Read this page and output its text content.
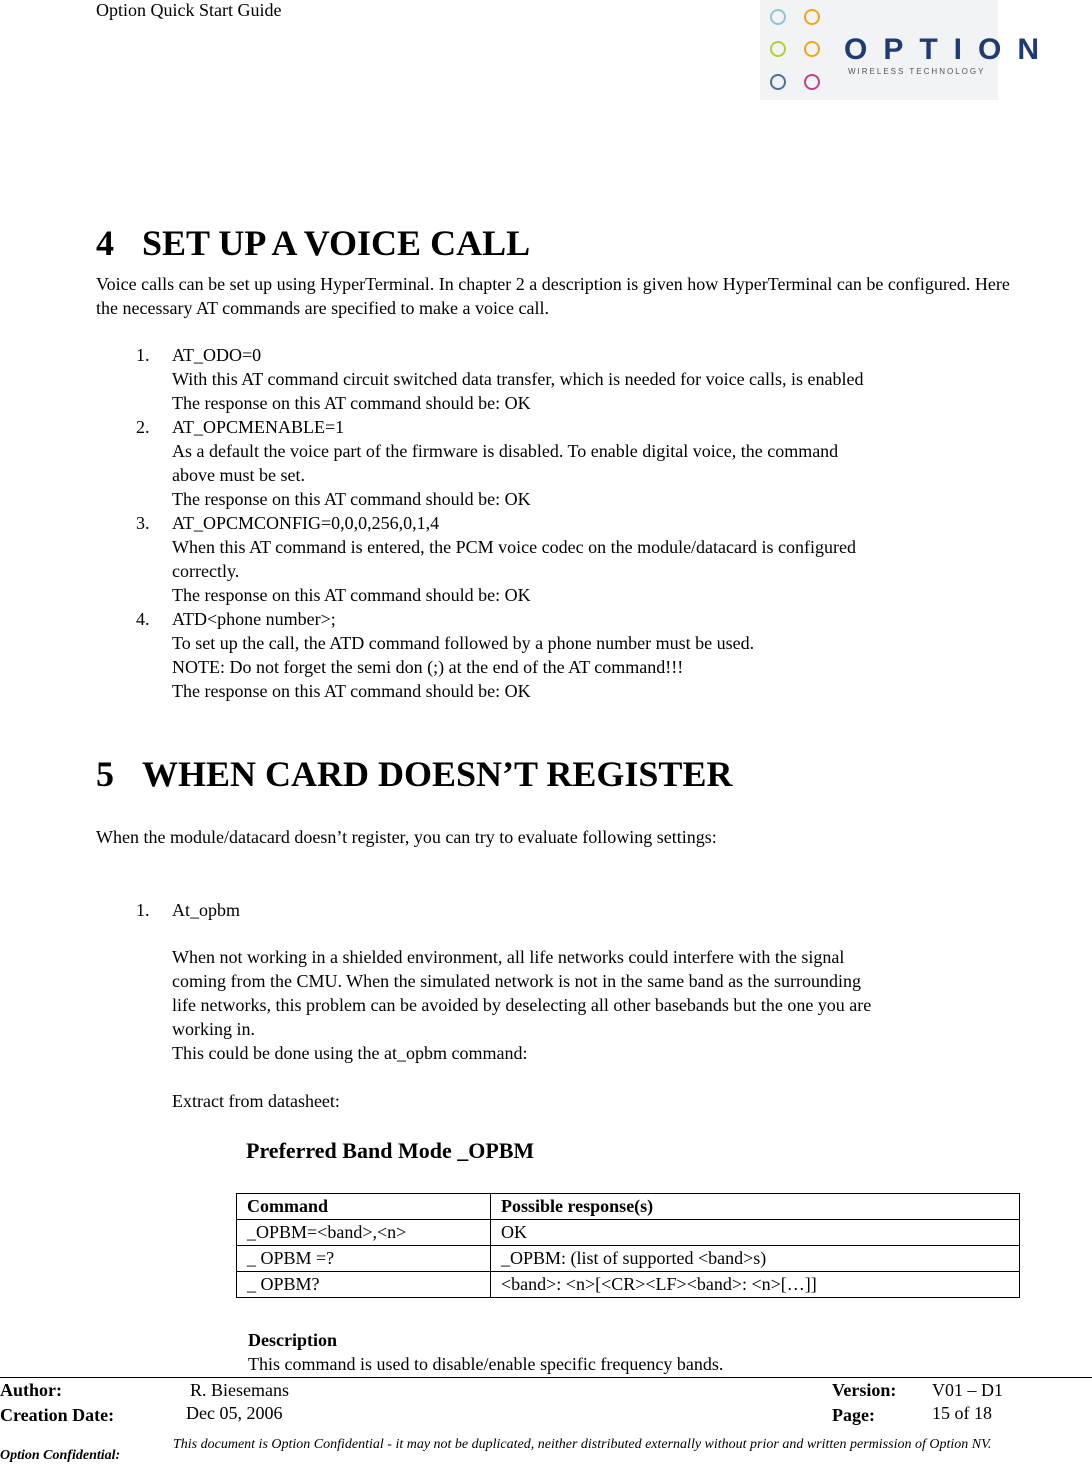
Option Quick Start Guide
OPTION
WIRELESS TECHNOLOGY
4 SET UP A VOICE CALL

Voice calls can be set up using HyperTerminal. In chapter 2 a description is given how HyperTerminal can be configured. Here the necessary AT commands are specified to make a voice call.

1. AT_ODO=0
With this AT command circuit switched data transfer, which is needed for voice calls, is enabled
The response on this AT command should be: OK
2. AT_OPCMENABLE=1
As a default the voice part of the firmware is disabled. To enable digital voice, the command
above must be set.
The response on this AT command should be: OK
3. AT_OPCMCONFIG=0,0,0,256,0,1,4
When this AT command is entered, the PCM voice codec on the module/datacard is configured
correctly.
The response on this AT command should be: OK
4. ATD<phone number>;
To set up the call, the ATD command followed by a phone number must be used.
NOTE: Do not forget the semi don (;) at the end of the AT command!!!
The response on this AT command should be: OK
5 WHEN CARD DOESN’T REGISTER

When the module/datacard doesn’t register, you can try to evaluate following settings:

1. At_opbm
When not working in a shielded environment, all life networks could interfere with the signal
coming from the CMU. When the simulated network is not in the same band as the surrounding
life networks, this problem can be avoided by deselecting all other basebands but the one you are
working in.
This could be done using the at_opbm command:
Extract from datasheet:
Preferred Band Mode _OPBM
Command	Possible response(s)
_OPBM=<band>,<n>	OK
_ OPBM =?	_OPBM: (list of supported <band>s)
_ OPBM?	<band>: <n>[<CR><LF><band>: <n>[…]]
Description
This command is used to disable/enable specific frequency bands.
Author:	R. Biesemans	Version: V01 – D1
Creation Date:	Dec 05, 2006	Page:	15 of 18
Option Confidential:
This document is Option Confidential - it may not be duplicated, neither distributed externally without prior and written permission of Option NV.
